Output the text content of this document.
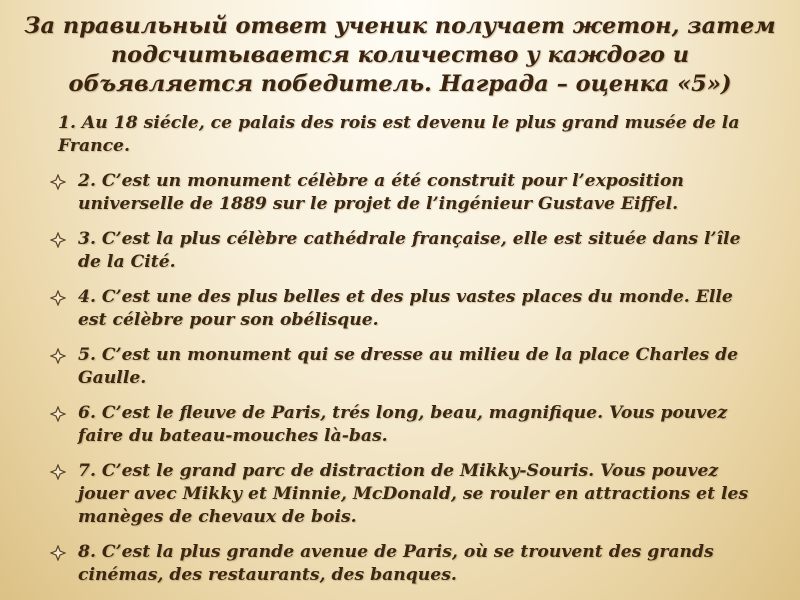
За правильный ответ ученик получает жетон, затем подсчитывается количество у каждого и объявляется победитель. Награда – оценка «5»)
1. Au 18 siécle, ce palais des rois est devenu le plus grand musée de la France.
2. C’est un monument célèbre a été construit pour l’exposition universelle de 1889 sur le projet de l’ingénieur Gustave Eiffel.
3. C’est la plus célèbre cathédrale française, elle est située dans l’île de la Cité.
4. C’est une des plus belles et des plus vastes places du monde. Elle est célèbre pour son obélisque.
5. C’est un monument qui se dresse au milieu de la place Charles de Gaulle.
6. C’est le fleuve de Paris, trés long, beau, magnifique. Vous pouvez faire du bateau-mouches là-bas.
7. C’est le grand parc de distraction de Mikky-Souris. Vous pouvez jouer avec Mikky et Minnie, McDonald, se rouler en attractions et les manèges de chevaux de bois.
8. C’est la plus grande avenue de Paris, où se trouvent des grands cinémas, des restaurants, des banques.
